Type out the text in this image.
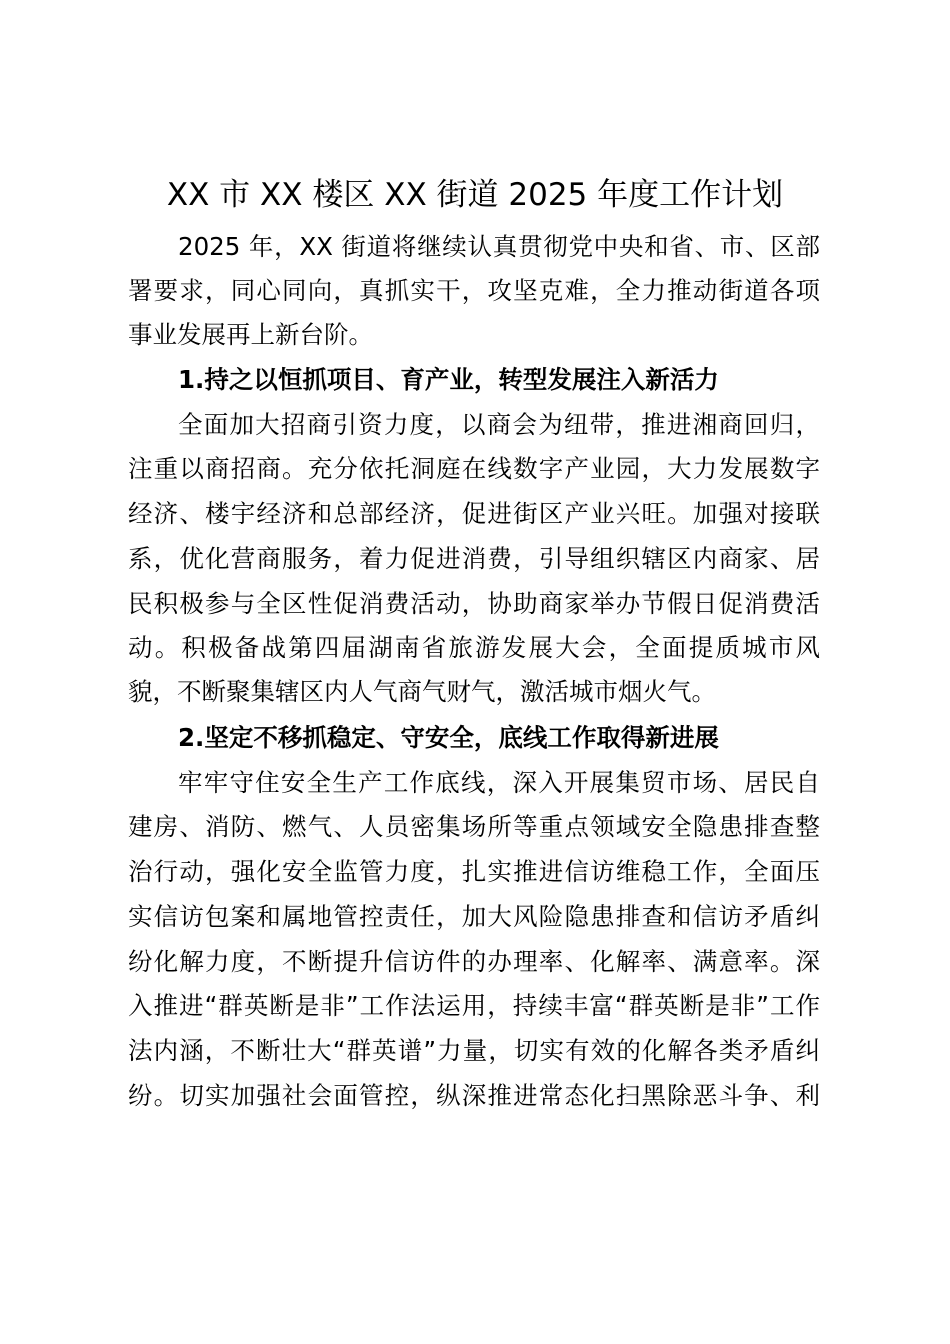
XX 市 XX 楼区 XX 街道 2025 年度工作计划
2025 年，XX 街道将继续认真贯彻党中央和省、市、区部
署要求，同心同向，真抓实干，攻坚克难，全力推动街道各项
事业发展再上新台阶。
1.持之以恒抓项目、育产业，转型发展注入新活力
全面加大招商引资力度，以商会为纽带，推进湘商回归，
注重以商招商。充分依托洞庭在线数字产业园，大力发展数字
经济、楼宇经济和总部经济，促进街区产业兴旺。加强对接联
系，优化营商服务，着力促进消费，引导组织辖区内商家、居
民积极参与全区性促消费活动，协助商家举办节假日促消费活
动。积极备战第四届湖南省旅游发展大会，全面提质城市风
貌，不断聚集辖区内人气商气财气，激活城市烟火气。
2.坚定不移抓稳定、守安全，底线工作取得新进展
牢牢守住安全生产工作底线，深入开展集贸市场、居民自
建房、消防、燃气、人员密集场所等重点领域安全隐患排查整
治行动，强化安全监管力度，扎实推进信访维稳工作，全面压
实信访包案和属地管控责任，加大风险隐患排查和信访矛盾纠
纷化解力度，不断提升信访件的办理率、化解率、满意率。深
入推进“群英断是非”工作法运用，持续丰富“群英断是非”工作
法内涵，不断壮大“群英谱”力量，切实有效的化解各类矛盾纠
纷。切实加强社会面管控，纵深推进常态化扫黑除恶斗争、利
